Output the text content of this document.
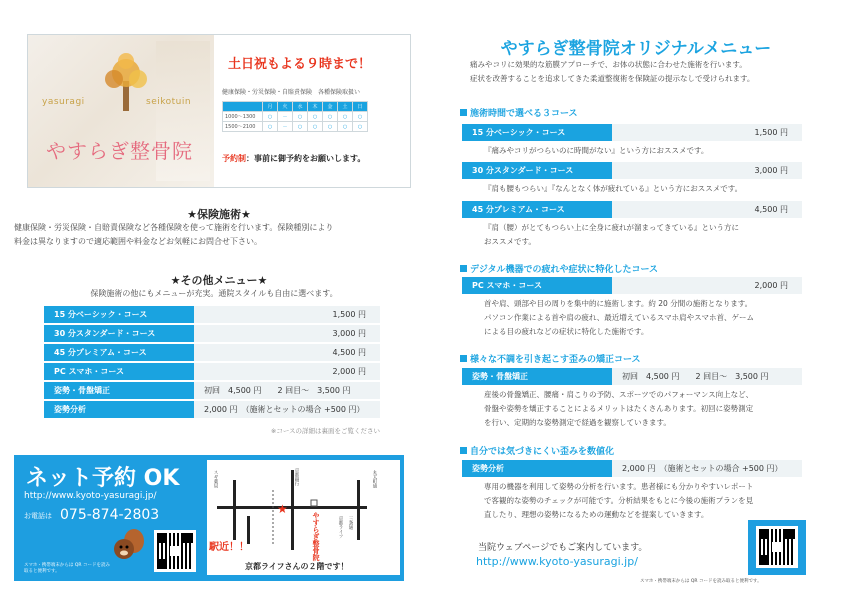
yasuragi	seikotuin
やすらぎ整骨院
土日祝もよる９時まで！
健康保険・労災保険・自賠責保険　各種保険取扱い
	月	火	水	木	金	土	日
1000～1300	○	－	○	○	○	○	○
1500～2100	○	－	○	○	○	○	○
予約制：事前に御予約をお願いします。
★保険施術★
健康保険・労災保険・自賠責保険など各種保険を使って施術を行います。保険種別により
料金は異なりますので適応範囲や料金などお気軽にお問合せ下さい。
★その他メニュー★
保険施術の他にもメニューが充実。通院スタイルも自由に選べます。
15 分ベーシック・コース	1,500 円
30 分スタンダード・コース	3,000 円
45 分プレミアム・コース	4,500 円
PC スマホ・コース	2,000 円
姿勢・骨盤矯正	初回　4,500 円　　2 回目～　3,500 円
姿勢分析	2,000 円　（施術とセットの場合 +500 円）
※コースの詳細は裏面をご覧ください
ネット予約 OK
http://www.kyoto-yasuragi.jp/
お電話は 075-874-2803
スマホ・携帯端末からは QR コードを読み取ると便利です。
スギ薬局	京都銀行
京都ライフ 三条通
丸太町通
★
やすらぎ整骨院
駅近！！
京都ライフさんの２階です！
やすらぎ整骨院オリジナルメニュー
痛みやコリに効果的な筋膜アプローチで、お体の状態に合わせた施術を行います。
症状を改善することを追求してきた柔道整復術を保険証の提示なしで受けられます。
施術時間で選べる３コース
15 分ベーシック・コース	1,500 円
『痛みやコリがつらいのに時間がない』という方におススメです。
30 分スタンダード・コース	3,000 円
『肩も腰もつらい』『なんとなく体が疲れている』という方におススメです。
45 分プレミアム・コース	4,500 円
『肩（腰）がとてもつらい上に全身に疲れが溜まってきている』という方に
おススメです。
デジタル機器での疲れや症状に特化したコース
PC スマホ・コース	2,000 円
首や肩、頭部や目の周りを集中的に施術します。約 20 分間の施術となります。
パソコン作業による首や肩の疲れ、最近増えているスマホ肩やスマホ首、ゲーム
による目の疲れなどの症状に特化した施術です。
様々な不調を引き起こす歪みの矯正コース
姿勢・骨盤矯正	初回　4,500 円　　2 回目～　3,500 円
産後の骨盤矯正、腰痛・肩こりの予防、スポーツでのパフォーマンス向上など、
骨盤や姿勢を矯正することによるメリットはたくさんあります。初回に姿勢測定
を行い、定期的な姿勢測定で経過を観察していきます。
自分では気づきにくい歪みを数値化
姿勢分析	2,000 円　（施術とセットの場合 +500 円）
専用の機器を利用して姿勢の分析を行います。患者様にも分かりやすいレポート
で客観的な姿勢のチェックが可能です。分析結果をもとに今後の施術プランを見
直したり、理想の姿勢になるための運動などを提案していきます。
当院ウェブページでもご案内しています。
http://www.kyoto-yasuragi.jp/
スマホ・携帯端末からは QR コードを読み取ると便利です。
